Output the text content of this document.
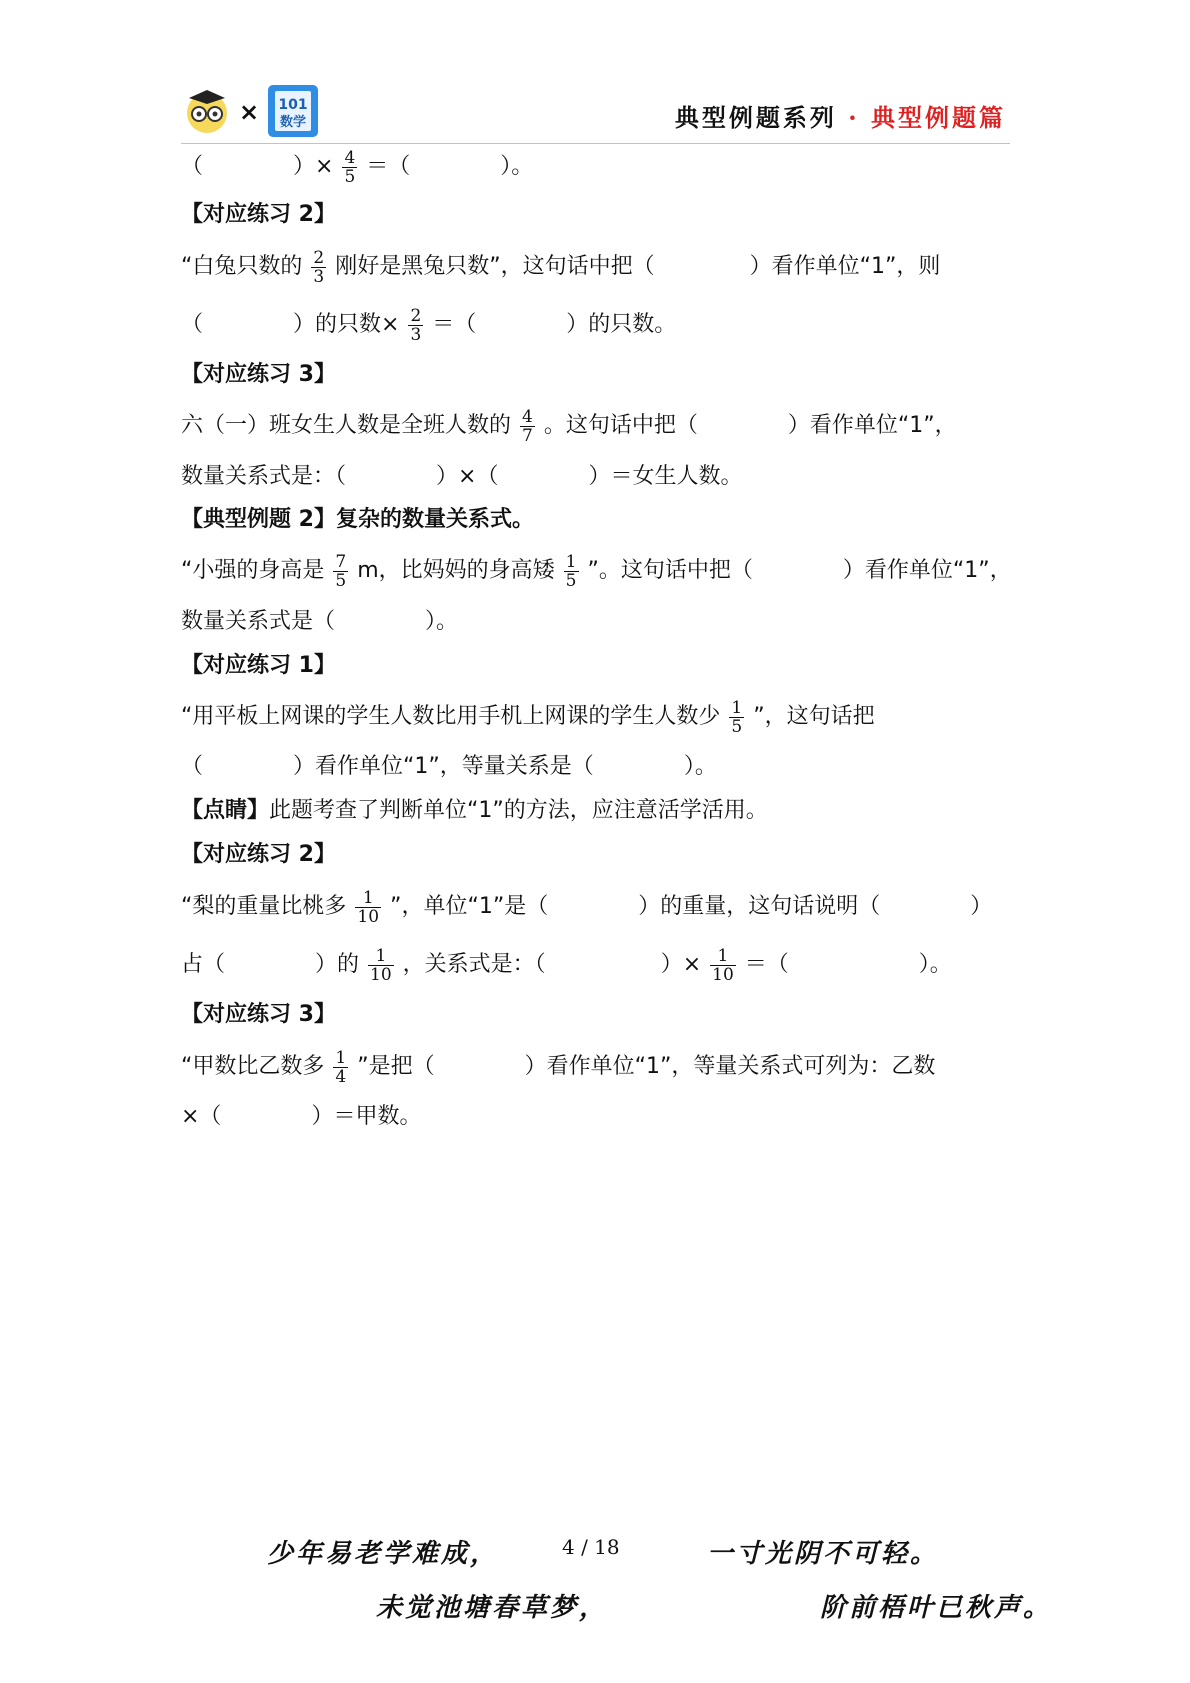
× 101
数学	典型例题系列 · 典型例题篇
（	）× $\frac{4}{5}$ ＝（	）。
【对应练习 2】
“白兔只数的 $\frac{2}{3}$ 刚好是黑兔只数”，这句话中把（	）看作单位“1”，则
（	）的只数× $\frac{2}{3}$ ＝（	）的只数。
【对应练习 3】
六（一）班女生人数是全班人数的 $\frac{4}{7}$ 。这句话中把（	）看作单位“1”，
数量关系式是：（	）×（	）＝女生人数。
【典型例题 2】复杂的数量关系式。
“小强的身高是 $\frac{7}{5}$ m，比妈妈的身高矮 $\frac{1}{5}$ ”。这句话中把（	）看作单位“1”，
数量关系式是（	）。
【对应练习 1】
“用平板上网课的学生人数比用手机上网课的学生人数少 $\frac{1}{5}$ ”，这句话把
（	）看作单位“1”，等量关系是（	）。
【点睛】此题考查了判断单位“1”的方法，应注意活学活用。
【对应练习 2】
“梨的重量比桃多 $\frac{1}{10}$ ”，单位“1”是（	）的重量，这句话说明（	）
占（	）的 $\frac{1}{10}$ ，关系式是：（	）× $\frac{1}{10}$ ＝（	）。
【对应练习 3】
“甲数比乙数多 $\frac{1}{4}$ ”是把（	）看作单位“1”，等量关系式可列为：乙数
×（	）＝甲数。
少年易老学难成，	4 / 18	一寸光阴不可轻。
未觉池塘春草梦，	阶前梧叶已秋声。
